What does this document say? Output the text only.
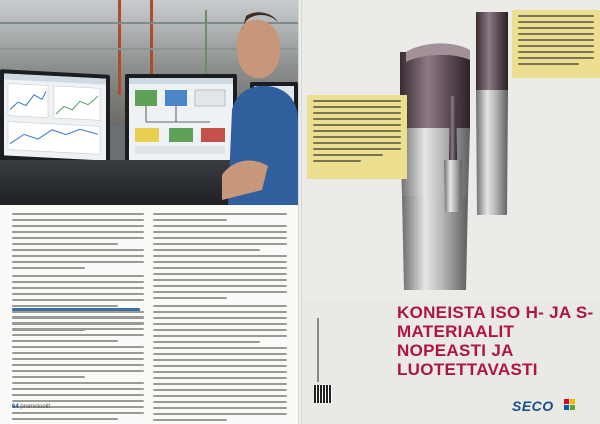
64 promotoolit
KONEISTA ISO H- JA S-MATERIAALIT NOPEASTI JA LUOTETTAVASTI
SECO
